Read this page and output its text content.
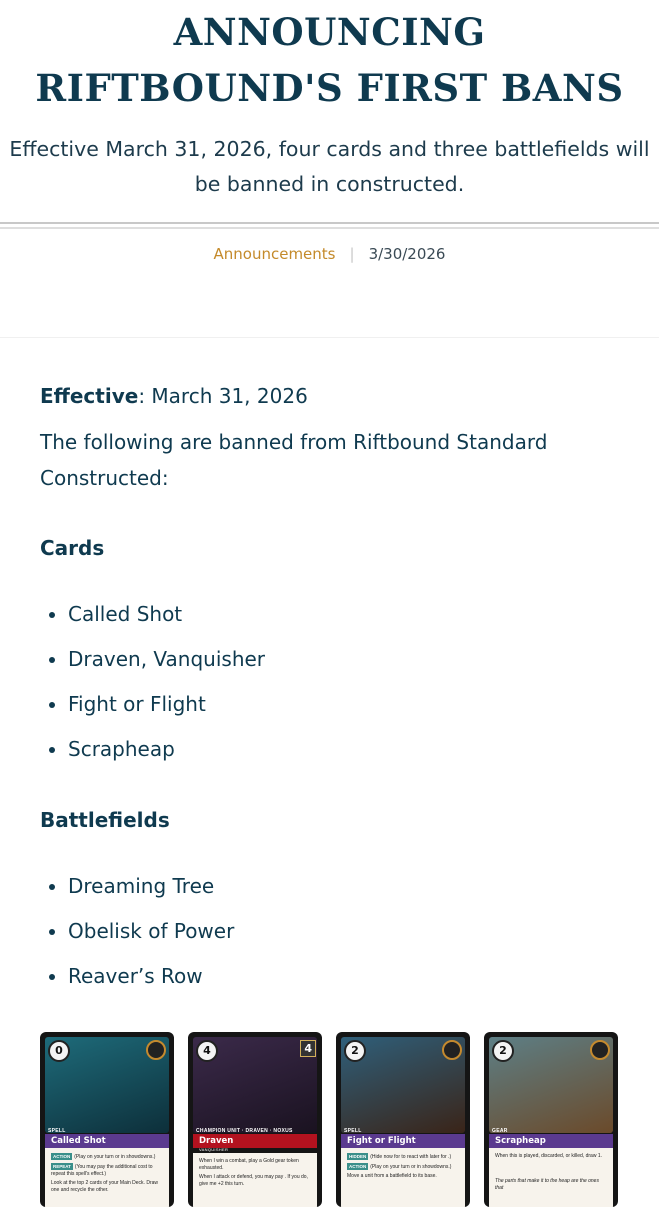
ANNOUNCING

RIFTBOUND'S FIRST BANS

Effective March 31, 2026, four cards and three battlefields will be banned in constructed.

Announcements | 3/30/2026

Effective: March 31, 2026

The following are banned from Riftbound Standard Constructed:

Cards

Called Shot
Draven, Vanquisher
Fight or Flight
Scrapheap

Battlefields

Dreaming Tree
Obelisk of Power
Reaver’s Row
0
SPELL
Called Shot

ACTION (Play on your turn or in showdowns.)

REPEAT (You may pay the additional cost to repeat this spell's effect.)

Look at the top 2 cards of your Main Deck. Draw one and recycle the other.

4	4
CHAMPION UNIT · DRAVEN · NOXUS
Draven

When I win a combat, play a Gold gear token exhausted.

When I attack or defend, you may pay . If you do, give me +2 this turn.

VANQUISHER
2
SPELL
Fight or Flight

HIDDEN (Hide now for to react with later for .)

ACTION (Play on your turn or in showdowns.)

Move a unit from a battlefield to its base.

2
GEAR
Scrapheap

When this is played, discarded, or killed, draw 1.

The parts that make it to the heap are the ones that
